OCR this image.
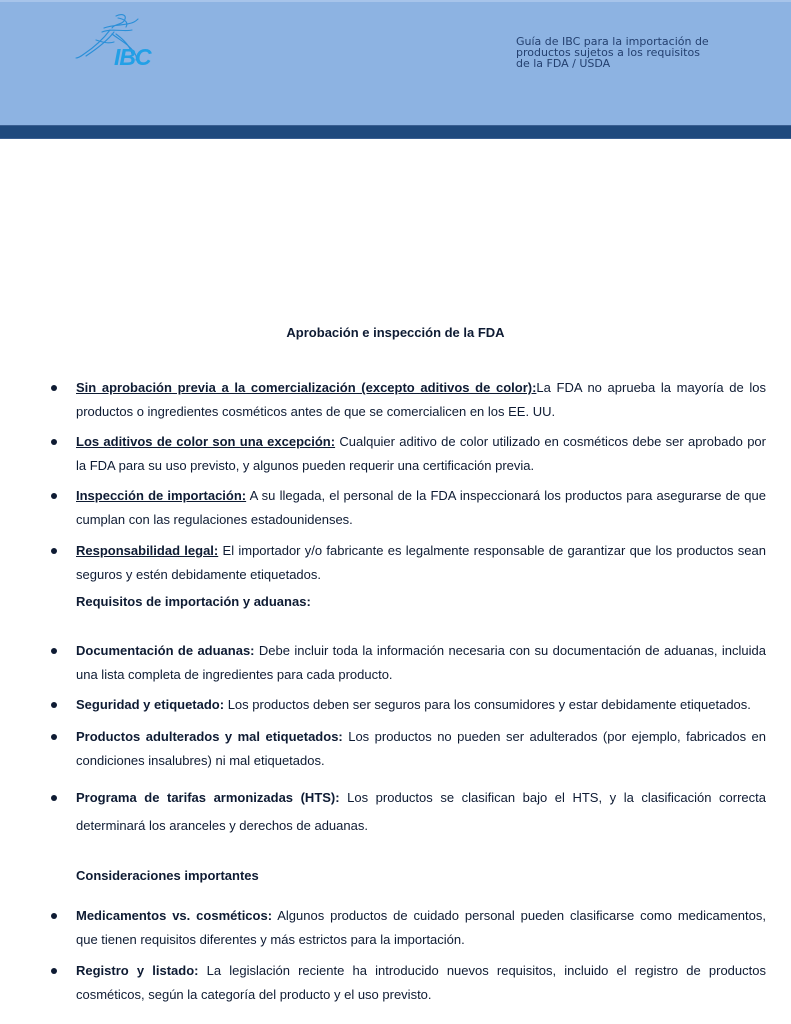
IBC
Guía de IBC para la importación de
productos sujetos a los requisitos
de la FDA / USDA
Aprobación e inspección de la FDA
Sin aprobación previa a la comercialización (excepto aditivos de color):La FDA no aprueba la mayoría de los productos o ingredientes cosméticos antes de que se comercialicen en los EE. UU.
Los aditivos de color son una excepción: Cualquier aditivo de color utilizado en cosméticos debe ser aprobado por la FDA para su uso previsto, y algunos pueden requerir una certificación previa.
Inspección de importación: A su llegada, el personal de la FDA inspeccionará los productos para asegurarse de que cumplan con las regulaciones estadounidenses.
Responsabilidad legal: El importador y/o fabricante es legalmente responsable de garantizar que los productos sean seguros y estén debidamente etiquetados.
Requisitos de importación y aduanas:
Documentación de aduanas: Debe incluir toda la información necesaria con su documentación de aduanas, incluida una lista completa de ingredientes para cada producto.
Seguridad y etiquetado: Los productos deben ser seguros para los consumidores y estar debidamente etiquetados.
Productos adulterados y mal etiquetados: Los productos no pueden ser adulterados (por ejemplo, fabricados en condiciones insalubres) ni mal etiquetados.
Programa de tarifas armonizadas (HTS): Los productos se clasifican bajo el HTS, y la clasificación correcta determinará los aranceles y derechos de aduanas.
Consideraciones importantes
Medicamentos vs. cosméticos: Algunos productos de cuidado personal pueden clasificarse como medicamentos, que tienen requisitos diferentes y más estrictos para la importación.
Registro y listado: La legislación reciente ha introducido nuevos requisitos, incluido el registro de productos cosméticos, según la categoría del producto y el uso previsto.
